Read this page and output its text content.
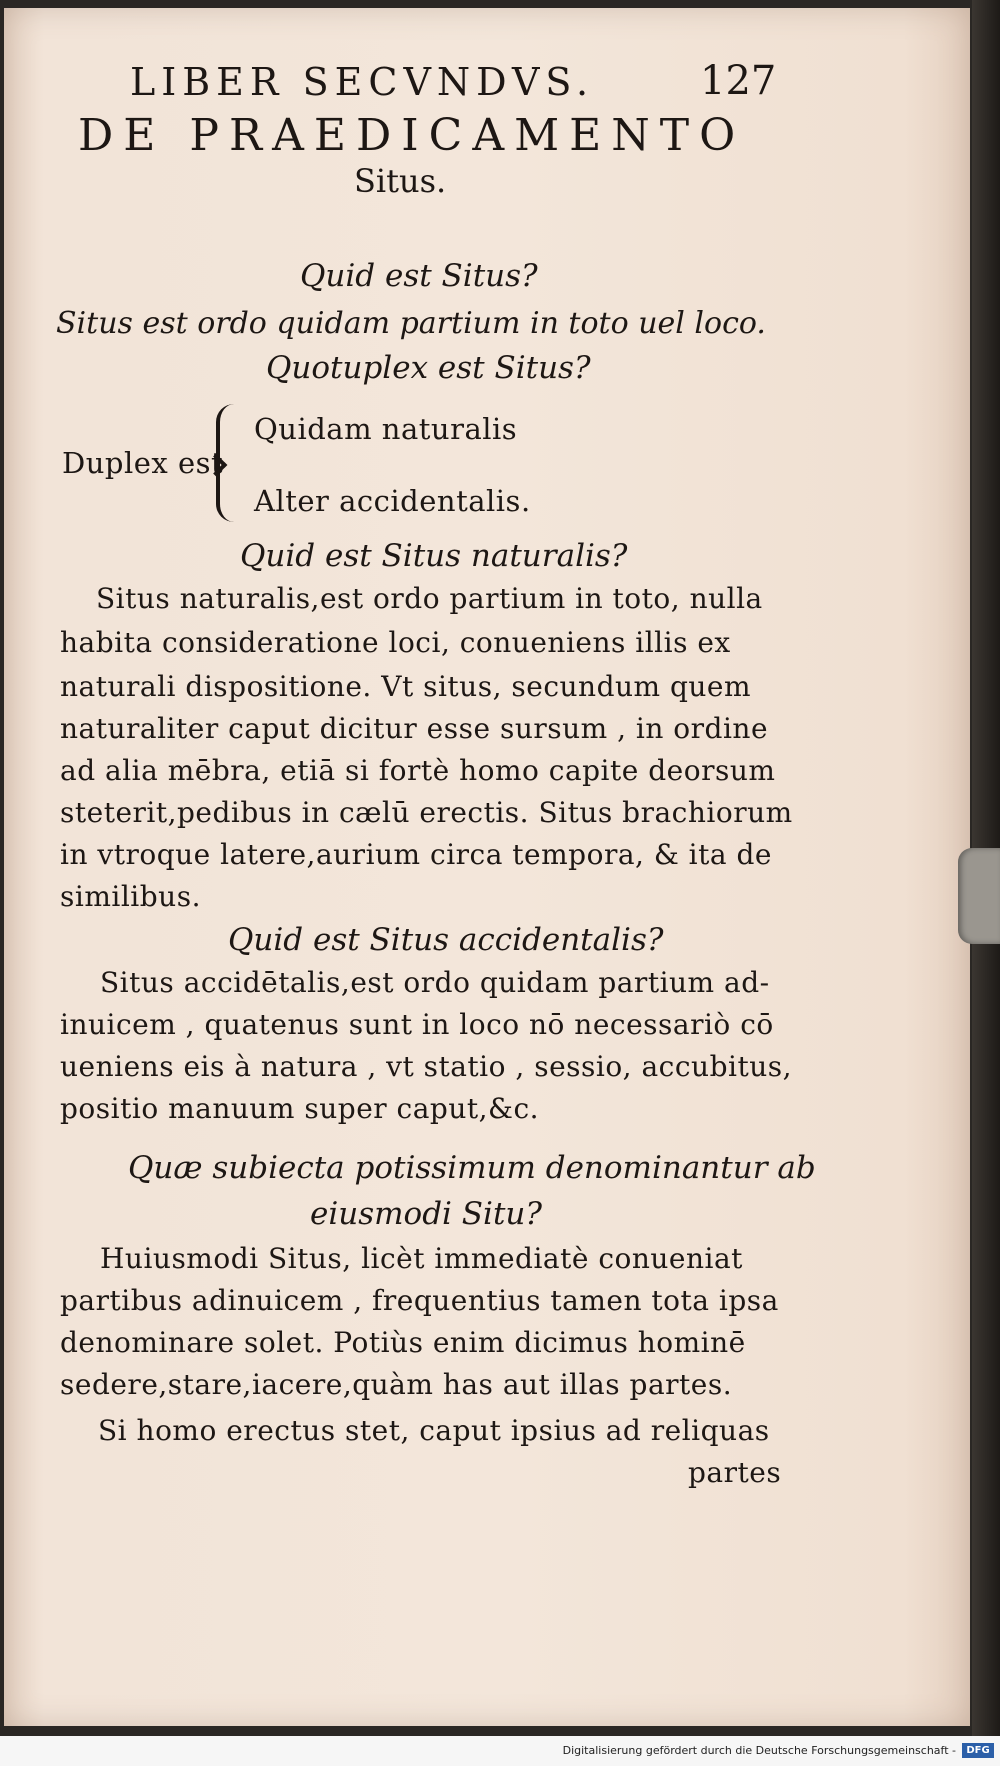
LIBER SECVNDVS.	127
DE PRAEDICAMENTO
Situs.
Quid est Situs?
Situs est ordo quidam partium in toto uel loco.
Quotuplex est Situs?
Duplex est
Quidam naturalis
Alter accidentalis.
Quid est Situs naturalis?
Situs naturalis,est ordo partium in toto, nulla
habita consideratione loci, conueniens illis ex
naturali dispositione. Vt situs, secundum quem
naturaliter caput dicitur esse sursum , in ordine
ad alia mēbra, etiā si fortè homo capite deorsum
steterit,pedibus in cælū erectis. Situs brachiorum
in vtroque latere,aurium circa tempora, & ita de
similibus.
Quid est Situs accidentalis?
Situs accidētalis,est ordo quidam partium ad-
inuicem , quatenus sunt in loco nō necessariò cō
ueniens eis à natura , vt statio , sessio, accubitus,
positio manuum super caput,&c.
Quæ subiecta potissimum denominantur ab
eiusmodi Situ?
Huiusmodi Situs, licèt immediatè conueniat
partibus adinuicem , frequentius tamen tota ipsa
denominare solet. Potiùs enim dicimus hominē
sedere,stare,iacere,quàm has aut illas partes.
Si homo erectus stet, caput ipsius ad reliquas
partes
Digitalisierung gefördert durch die Deutsche Forschungsgemeinschaft -	DFG
